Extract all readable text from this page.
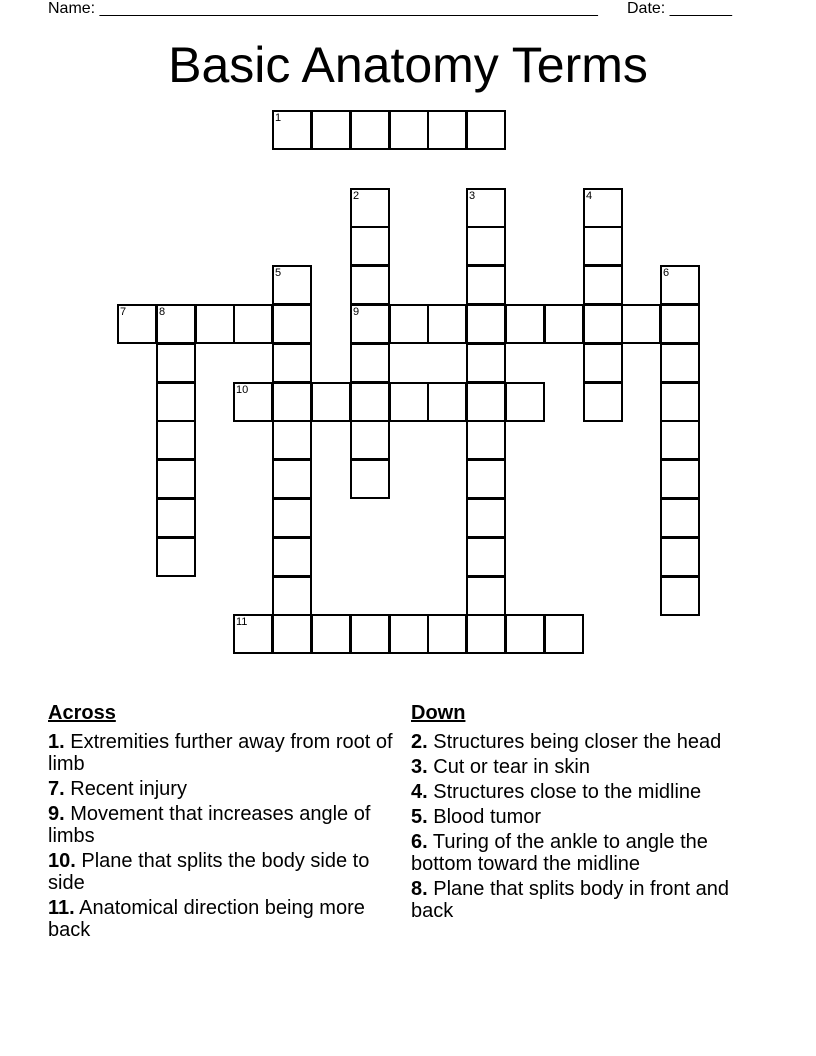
Name: ________________________________________________________ Date: _______
Basic Anatomy Terms
1
7	8	9
10
11
2	3	4
5	6
Across
1. Extremities further away from root of limb
7. Recent injury
9. Movement that increases angle of limbs
10. Plane that splits the body side to side
11. Anatomical direction being more back
Down
2. Structures being closer the head
3. Cut or tear in skin
4. Structures close to the midline
5. Blood tumor
6. Turing of the ankle to angle the bottom toward the midline
8. Plane that splits body in front and back
